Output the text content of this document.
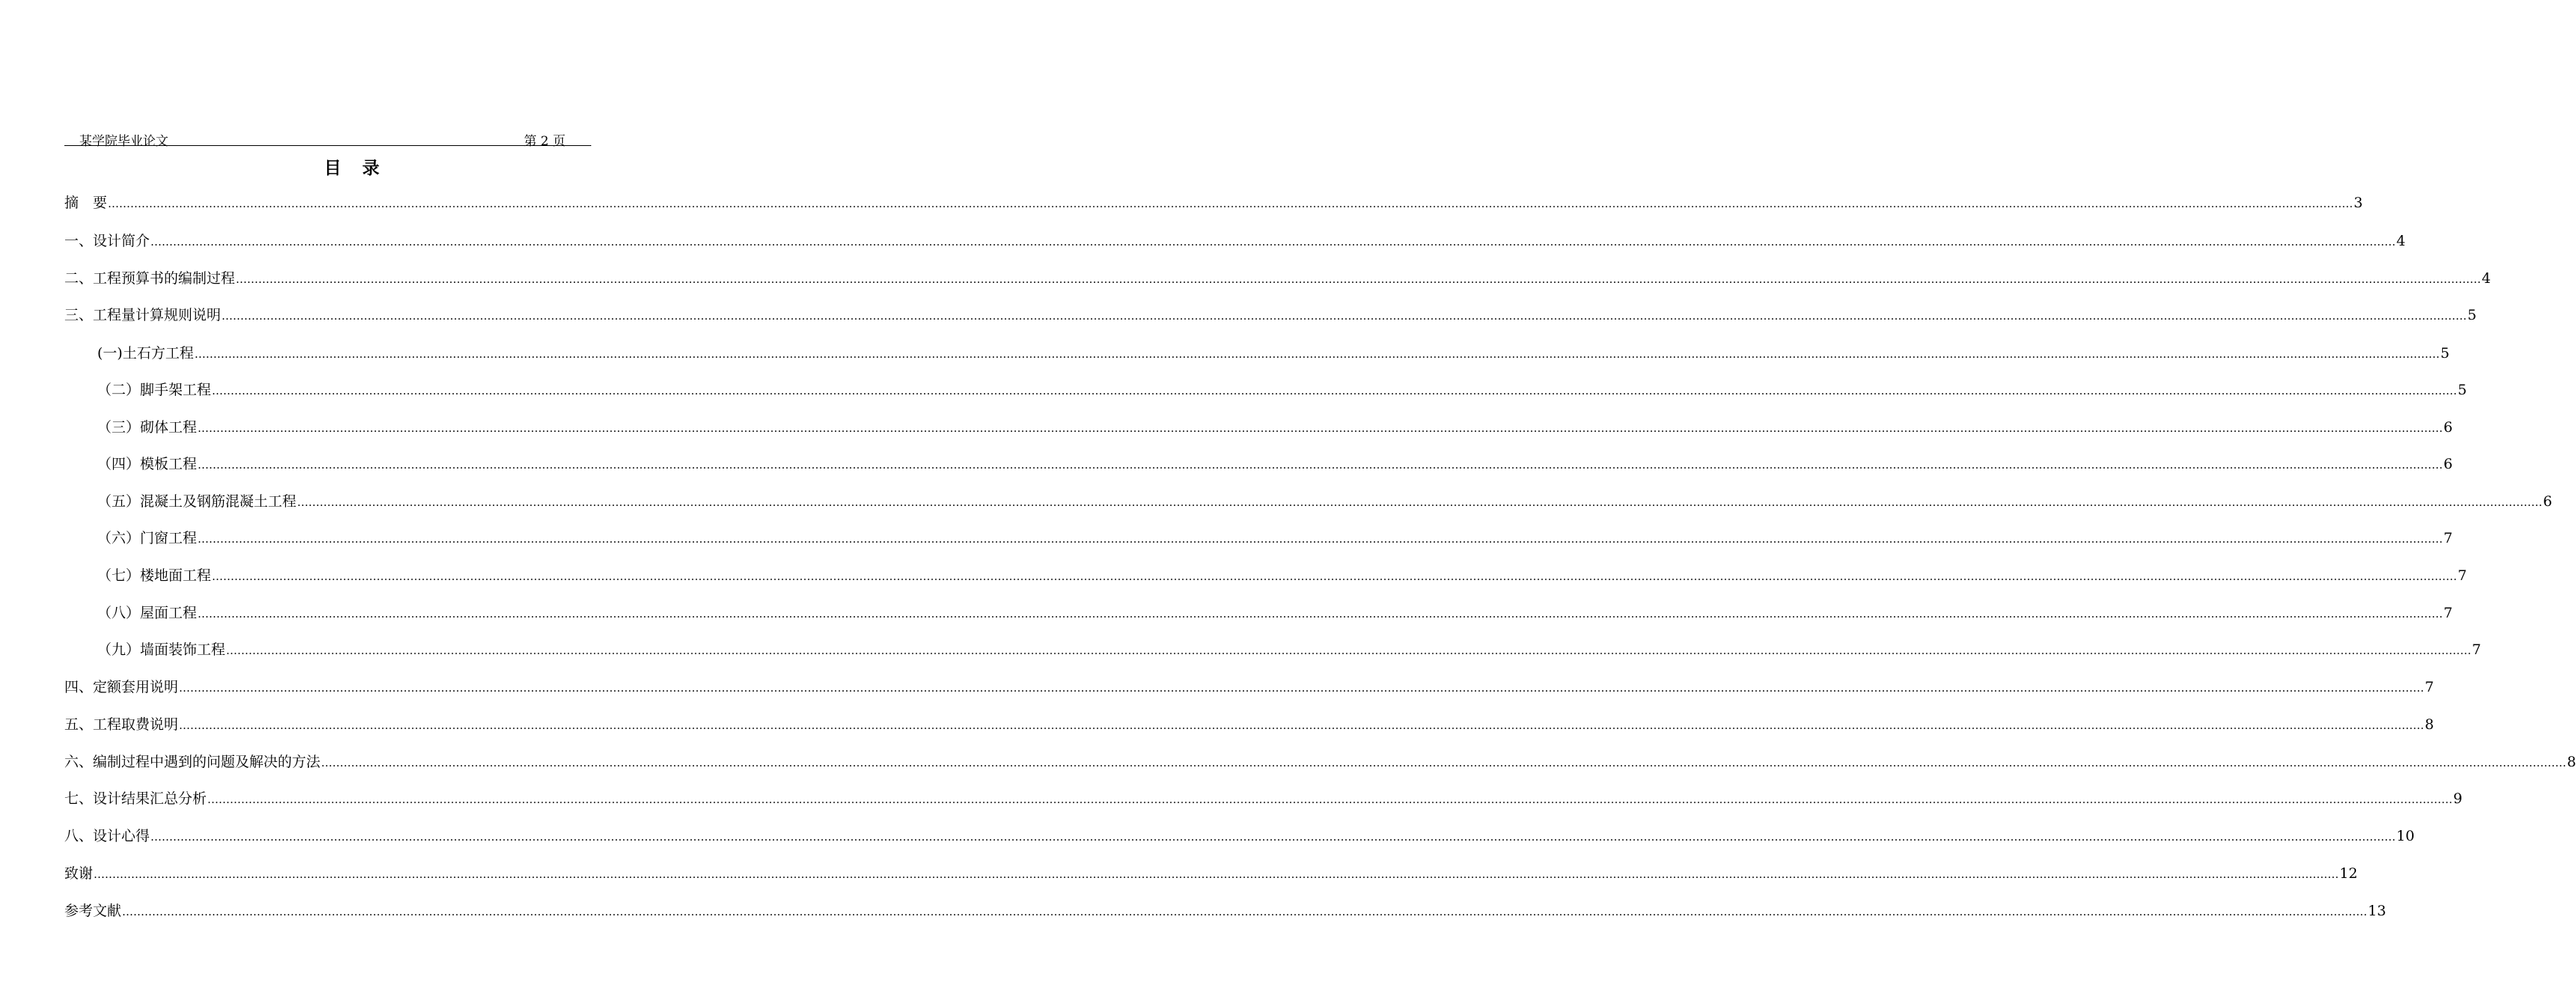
某学院毕业论文	第 2 页
目 录
摘　要 …………………………………………………………………………………………………………………………………………………………………………………………………………………………………………………………………………………………………………………………………………………………………………………………………………………………………………………………………………………………………………………………………………………… 3
一、 设计简介 …………………………………………………………………………………………………………………………………………………………………………………………………………………………………………………………………………………………………………………………………………………………………………………………………………………………………………………………………………………………………………………………………………………… 4
二、 工程预算书的编制过程 …………………………………………………………………………………………………………………………………………………………………………………………………………………………………………………………………………………………………………………………………………………………………………………………………………………………………………………………………………………………………………………………………………………… 4
三、 工程量计算规则说明 …………………………………………………………………………………………………………………………………………………………………………………………………………………………………………………………………………………………………………………………………………………………………………………………………………………………………………………………………………………………………………………………………………………… 5
(一) 土石方工程 …………………………………………………………………………………………………………………………………………………………………………………………………………………………………………………………………………………………………………………………………………………………………………………………………………………………………………………………………………………………………………………………………………………… 5
（二） 脚手架工程 …………………………………………………………………………………………………………………………………………………………………………………………………………………………………………………………………………………………………………………………………………………………………………………………………………………………………………………………………………………………………………………………………………………… 5
（三） 砌体工程 …………………………………………………………………………………………………………………………………………………………………………………………………………………………………………………………………………………………………………………………………………………………………………………………………………………………………………………………………………………………………………………………………………………… 6
（四） 模板工程 …………………………………………………………………………………………………………………………………………………………………………………………………………………………………………………………………………………………………………………………………………………………………………………………………………………………………………………………………………………………………………………………………………………… 6
（五） 混凝土及钢筋混凝土工程 …………………………………………………………………………………………………………………………………………………………………………………………………………………………………………………………………………………………………………………………………………………………………………………………………………………………………………………………………………………………………………………………………………………… 6
（六） 门窗工程 …………………………………………………………………………………………………………………………………………………………………………………………………………………………………………………………………………………………………………………………………………………………………………………………………………………………………………………………………………………………………………………………………………………… 7
（七） 楼地面工程 …………………………………………………………………………………………………………………………………………………………………………………………………………………………………………………………………………………………………………………………………………………………………………………………………………………………………………………………………………………………………………………………………………………… 7
（八） 屋面工程 …………………………………………………………………………………………………………………………………………………………………………………………………………………………………………………………………………………………………………………………………………………………………………………………………………………………………………………………………………………………………………………………………………………… 7
（九） 墙面装饰工程 …………………………………………………………………………………………………………………………………………………………………………………………………………………………………………………………………………………………………………………………………………………………………………………………………………………………………………………………………………………………………………………………………………………… 7
四、 定额套用说明 …………………………………………………………………………………………………………………………………………………………………………………………………………………………………………………………………………………………………………………………………………………………………………………………………………………………………………………………………………………………………………………………………………………… 7
五、 工程取费说明 …………………………………………………………………………………………………………………………………………………………………………………………………………………………………………………………………………………………………………………………………………………………………………………………………………………………………………………………………………………………………………………………………………………… 8
六、 编制过程中遇到的问题及解决的方法 …………………………………………………………………………………………………………………………………………………………………………………………………………………………………………………………………………………………………………………………………………………………………………………………………………………………………………………………………………………………………………………………………………………… 8
七、 设计结果汇总分析 …………………………………………………………………………………………………………………………………………………………………………………………………………………………………………………………………………………………………………………………………………………………………………………………………………………………………………………………………………………………………………………………………………………… 9
八、 设计心得 …………………………………………………………………………………………………………………………………………………………………………………………………………………………………………………………………………………………………………………………………………………………………………………………………………………………………………………………………………………………………………………………………………………… 10
致谢 …………………………………………………………………………………………………………………………………………………………………………………………………………………………………………………………………………………………………………………………………………………………………………………………………………………………………………………………………………………………………………………………………………………… 12
参考文献 …………………………………………………………………………………………………………………………………………………………………………………………………………………………………………………………………………………………………………………………………………………………………………………………………………………………………………………………………………………………………………………………………………………… 13
